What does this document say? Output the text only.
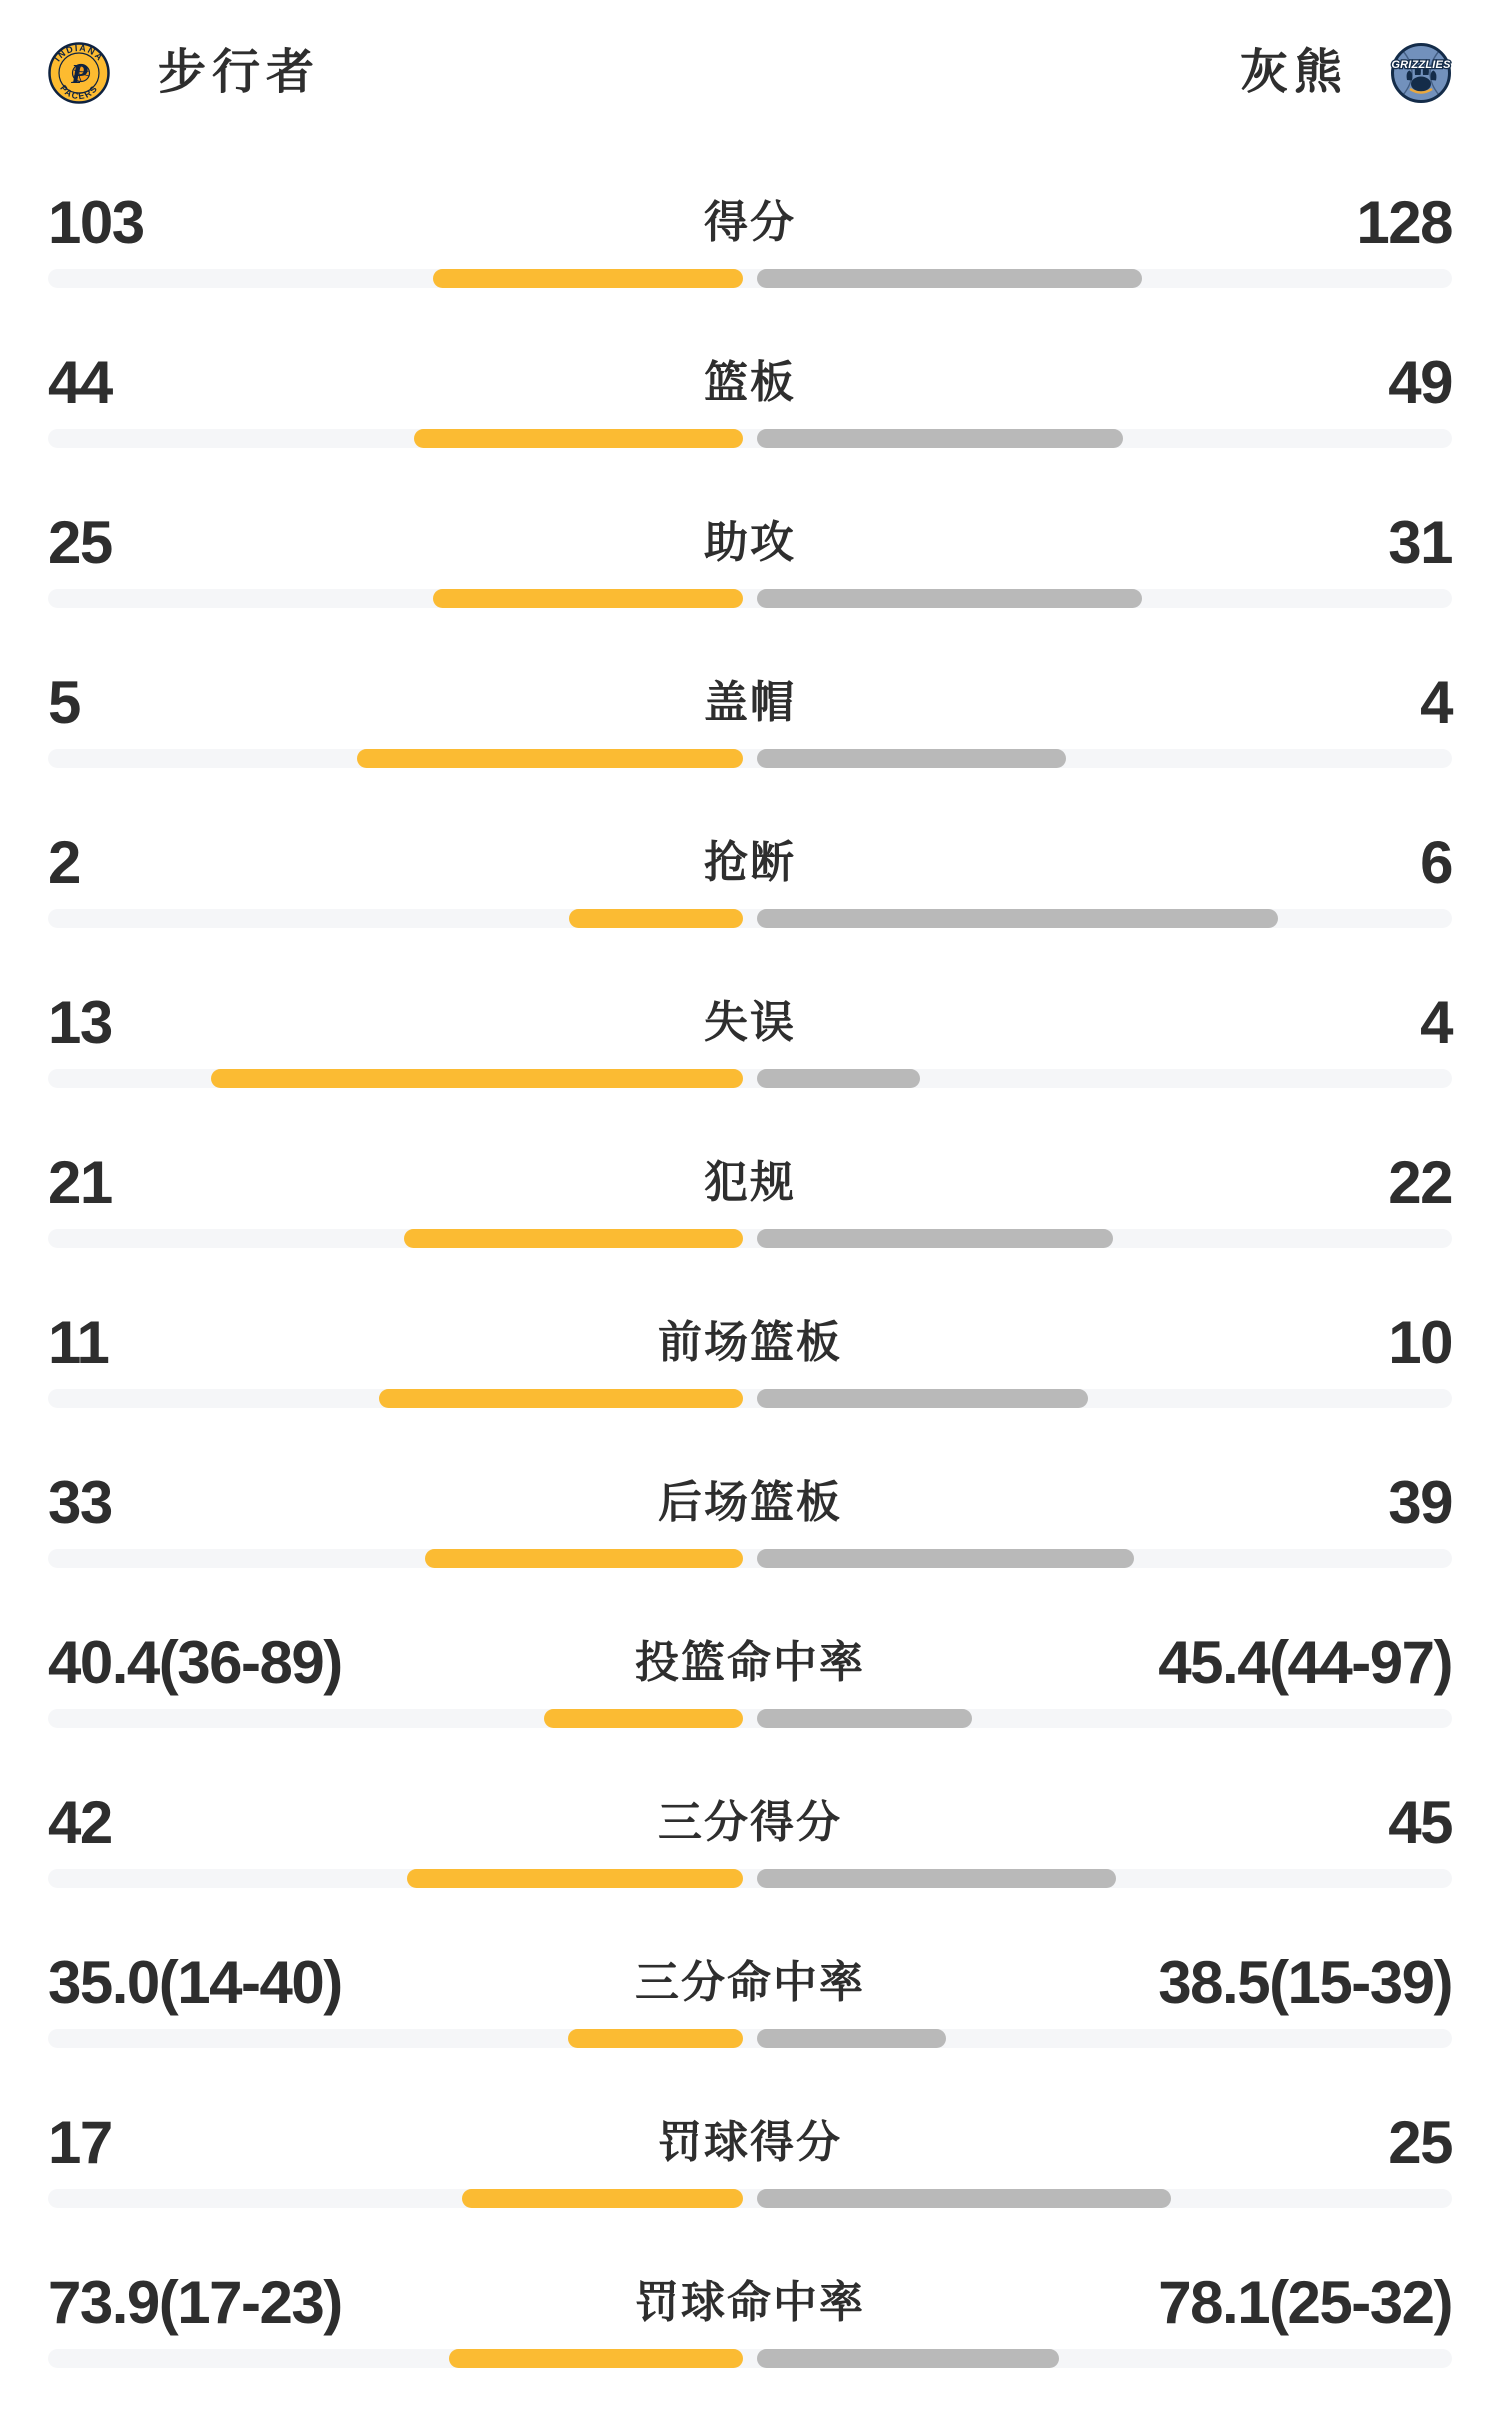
INDIANA
PACERS
P 步行者	灰熊	GRIZZLIES
103	得分	128
44	篮板	49
25	助攻	31
5	盖帽	4
2	抢断	6
13	失误	4
21	犯规	22
11	前场篮板	10
33	后场篮板	39
40.4(36-89)	投篮命中率	45.4(44-97)
42	三分得分	45
35.0(14-40)	三分命中率	38.5(15-39)
17	罚球得分	25
73.9(17-23)	罚球命中率	78.1(25-32)
